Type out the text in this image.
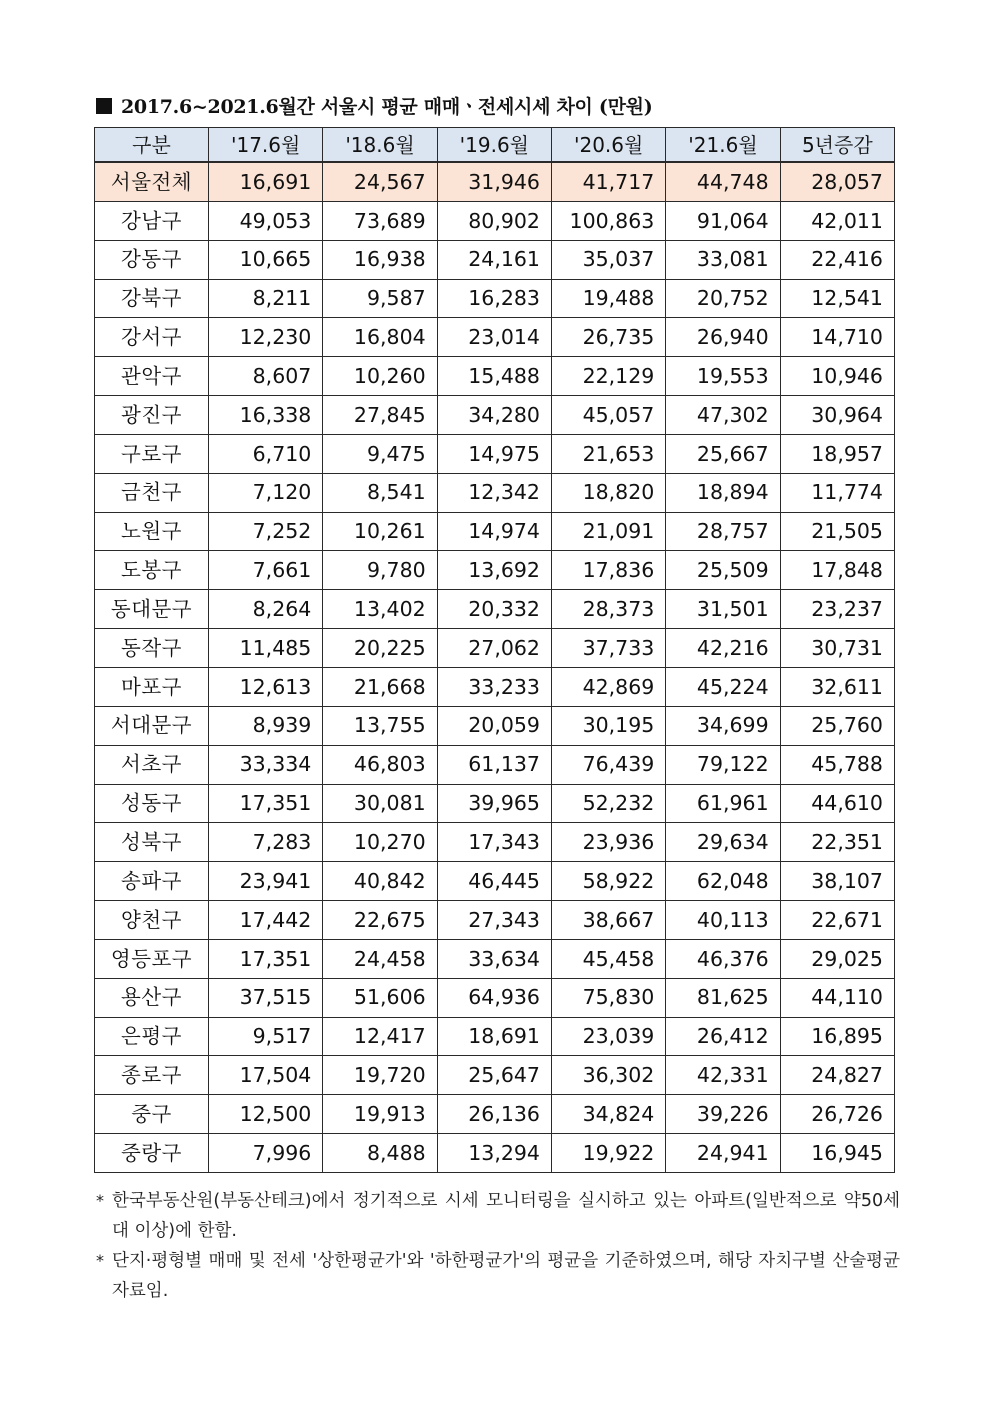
2017.6~2021.6월간 서울시 평균 매매ㆍ전세시세 차이 (만원)
구분	'17.6월	'18.6월	'19.6월	'20.6월	'21.6월	5년증감
서울전체	16,691	24,567	31,946	41,717	44,748	28,057
강남구	49,053	73,689	80,902	100,863	91,064	42,011
강동구	10,665	16,938	24,161	35,037	33,081	22,416
강북구	8,211	9,587	16,283	19,488	20,752	12,541
강서구	12,230	16,804	23,014	26,735	26,940	14,710
관악구	8,607	10,260	15,488	22,129	19,553	10,946
광진구	16,338	27,845	34,280	45,057	47,302	30,964
구로구	6,710	9,475	14,975	21,653	25,667	18,957
금천구	7,120	8,541	12,342	18,820	18,894	11,774
노원구	7,252	10,261	14,974	21,091	28,757	21,505
도봉구	7,661	9,780	13,692	17,836	25,509	17,848
동대문구	8,264	13,402	20,332	28,373	31,501	23,237
동작구	11,485	20,225	27,062	37,733	42,216	30,731
마포구	12,613	21,668	33,233	42,869	45,224	32,611
서대문구	8,939	13,755	20,059	30,195	34,699	25,760
서초구	33,334	46,803	61,137	76,439	79,122	45,788
성동구	17,351	30,081	39,965	52,232	61,961	44,610
성북구	7,283	10,270	17,343	23,936	29,634	22,351
송파구	23,941	40,842	46,445	58,922	62,048	38,107
양천구	17,442	22,675	27,343	38,667	40,113	22,671
영등포구	17,351	24,458	33,634	45,458	46,376	29,025
용산구	37,515	51,606	64,936	75,830	81,625	44,110
은평구	9,517	12,417	18,691	23,039	26,412	16,895
종로구	17,504	19,720	25,647	36,302	42,331	24,827
중구	12,500	19,913	26,136	34,824	39,226	26,726
중랑구	7,996	8,488	13,294	19,922	24,941	16,945
* 한국부동산원(부동산테크)에서 정기적으로 시세 모니터링을 실시하고 있는 아파트(일반적으로 약50세대 이상)에 한함.
* 단지·평형별 매매 및 전세 '상한평균가'와 '하한평균가'의 평균을 기준하였으며, 해당 자치구별 산술평균 자료임.
